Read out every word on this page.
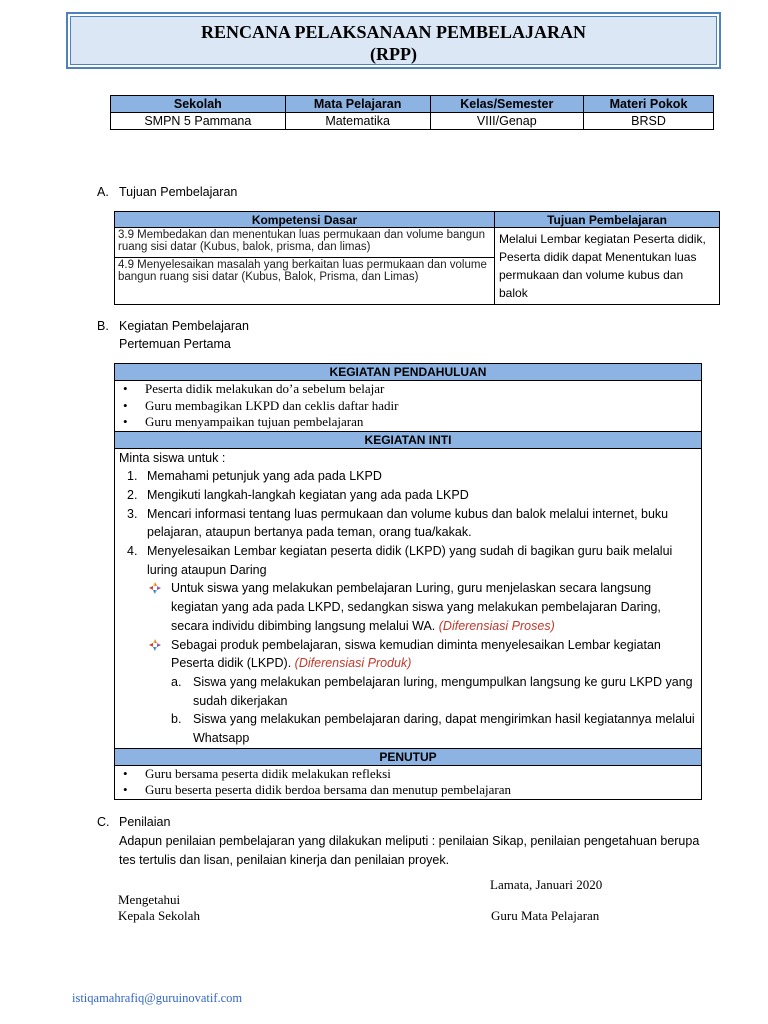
RENCANA PELAKSANAAN PEMBELAJARAN
(RPP)
Sekolah	Mata Pelajaran	Kelas/Semester	Materi Pokok
SMPN 5 Pammana	Matematika	VIII/Genap	BRSD
A. Tujuan Pembelajaran
Kompetensi Dasar	Tujuan Pembelajaran
3.9 Membedakan dan menentukan luas permukaan dan volume bangun ruang sisi datar (Kubus, balok, prisma, dan limas)	Melalui Lembar kegiatan Peserta didik, Peserta didik dapat Menentukan luas permukaan dan volume kubus dan balok
4.9 Menyelesaikan masalah yang berkaitan luas permukaan dan volume bangun ruang sisi datar (Kubus, Balok, Prisma, dan Limas)	
B. Kegiatan Pembelajaran
Pertemuan Pertama
KEGIATAN PENDAHULUAN

• Peserta didik melakukan do’a sebelum belajar
• Guru membagikan LKPD dan ceklis daftar hadir
• Guru menyampaikan tujuan pembelajaran

KEGIATAN INTI

Minta siswa untuk :
1. Memahami petunjuk yang ada pada LKPD
2. Mengikuti langkah-langkah kegiatan yang ada pada LKPD
3. Mencari informasi tentang luas permukaan dan volume kubus dan balok melalui internet, buku pelajaran, ataupun bertanya pada teman, orang tua/kakak.
4. Menyelesaikan Lembar kegiatan peserta didik (LKPD) yang sudah di bagikan guru baik melalui luring ataupun Daring
Untuk siswa yang melakukan pembelajaran Luring, guru menjelaskan secara langsung kegiatan yang ada pada LKPD, sedangkan siswa yang melakukan pembelajaran Daring, secara individu dibimbing langsung melalui WA. (Diferensiasi Proses)
Sebagai produk pembelajaran, siswa kemudian diminta menyelesaikan Lembar kegiatan Peserta didik (LKPD). (Diferensiasi Produk)
a. Siswa yang melakukan pembelajaran luring, mengumpulkan langsung ke guru LKPD yang sudah dikerjakan
b. Siswa yang melakukan pembelajaran daring, dapat mengirimkan hasil kegiatannya melalui Whatsapp

PENUTUP

• Guru bersama peserta didik melakukan refleksi
• Guru beserta peserta didik berdoa bersama dan menutup pembelajaran
C. Penilaian
Adapun penilaian pembelajaran yang dilakukan meliputi : penilaian Sikap, penilaian pengetahuan berupa tes tertulis dan lisan, penilaian kinerja dan penilaian proyek.
Lamata, Januari 2020
Mengetahui
Kepala Sekolah	Guru Mata Pelajaran
istiqamahrafiq@guruinovatif.com
